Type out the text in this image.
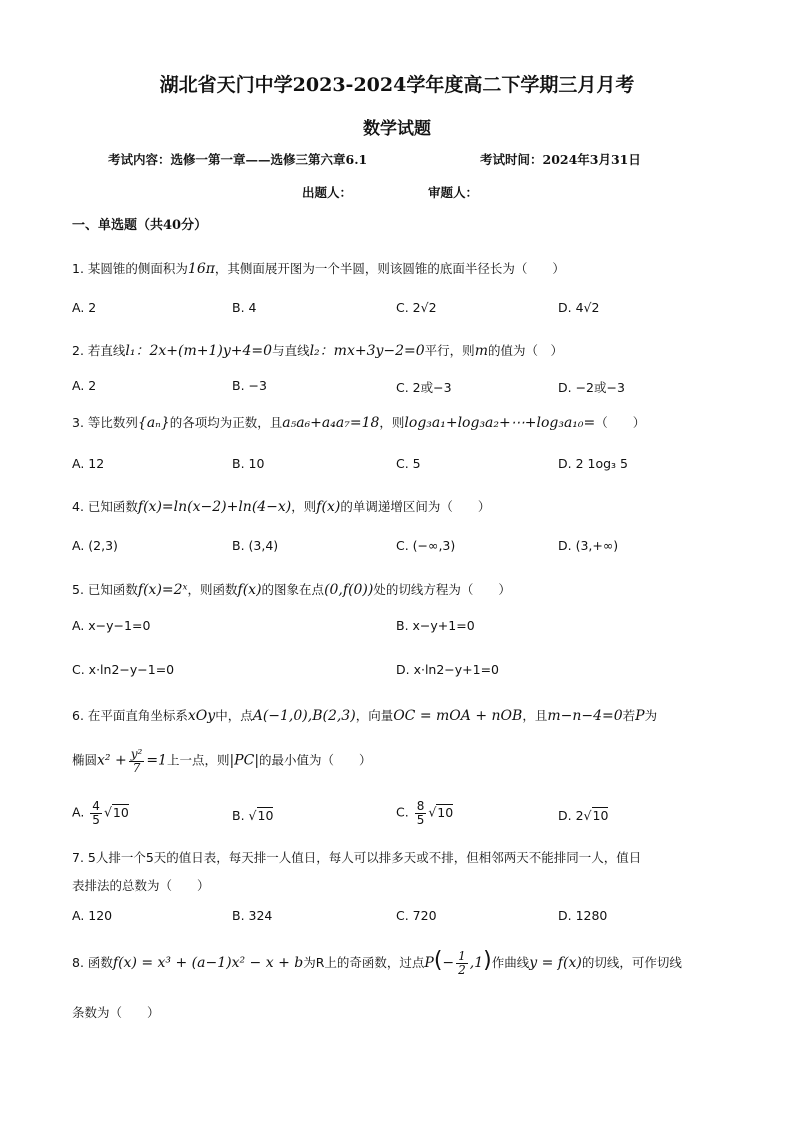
湖北省天门中学2023-2024学年度高二下学期三月月考
数学试题
考试内容：选修一第一章——选修三第六章6.1	考试时间：2024年3月31日
出题人：	审题人：
一、单选题（共40分）
1. 某圆锥的侧面积为16π，其侧面展开图为一个半圆，则该圆锥的底面半径长为（　　）
A. 2	B. 4	C. 2√2	D. 4√2
2. 若直线l₁：2x+(m+1)y+4=0与直线l₂：mx+3y−2=0平行，则m的值为（　）
A. 2	B. −3	C. 2或−3	D. −2或−3
3. 等比数列{aₙ}的各项均为正数，且a₅a₆+a₄a₇=18，则log₃a₁+log₃a₂+⋯+log₃a₁₀=（　　）
A. 12	B. 10	C. 5	D. 2 1og₃ 5
4. 已知函数f(x)=ln(x−2)+ln(4−x)，则f(x)的单调递增区间为（　　）
A. (2,3)	B. (3,4)	C. (−∞,3)	D. (3,+∞)
5. 已知函数f(x)=2ˣ，则函数f(x)的图象在点(0,f(0))处的切线方程为（　　）
A. x−y−1=0	B. x−y+1=0
C. x·ln2−y−1=0	D. x·ln2−y+1=0
6. 在平面直角坐标系xOy中，点A(−1,0),B(2,3)，向量OC = mOA + nOB，且m−n−4=0若P为
椭圆$x^2 + \frac{\text{y²}}{7} =1$上一点，则|PC|的最小值为（　　）
A. $\frac{4}{5} √10$	B. √10	C. $\frac{8}{5} √10$	D. 2√10
7. 5人排一个5天的值日表，每天排一人值日，每人可以排多天或不排，但相邻两天不能排同一人，值日
表排法的总数为（　　）
A. 120	B. 324	C. 720	D. 1280
8. 函数f(x) = x³ + (a−1)x² − x + b为R上的奇函数，过点$P(- \frac{1}{2} ,1)$作曲线y = f(x)的切线，可作切线
条数为（　　）
